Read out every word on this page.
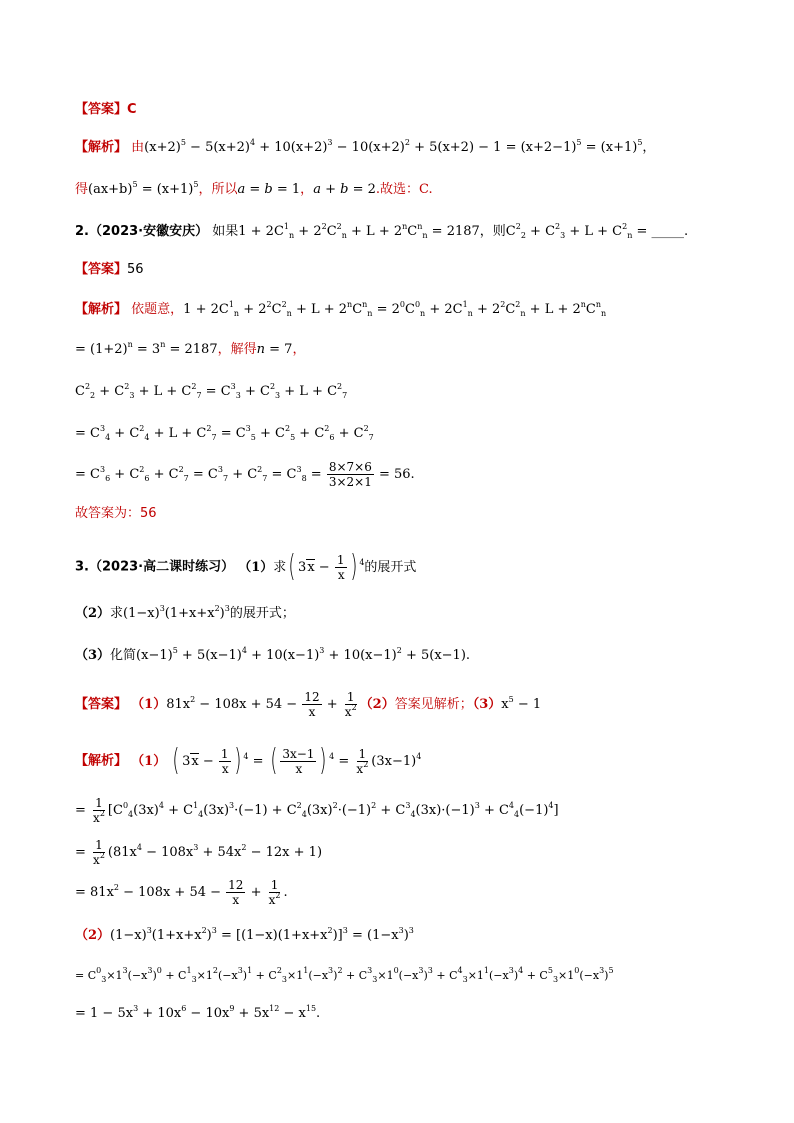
【答案】C
【解析】 由$(x+2)^5 - 5(x+2)^4 + 10(x+2)^3 - 10(x+2)^2 + 5(x+2) - 1 = (x+2-1)^5 = (x+1)^5$，
得$(ax+b)^5 = (x+1)^5$，所以a = b = 1，a + b = 2.故选：C.
2.（2023·安徽安庆） 如果$1 + 2C^1_n + 2^2C^2_n + L + 2^nC^n_n = 2187$，则$C^2_2 + C^2_3 + L + C^2_n$ = _____.
【答案】56
【解析】 依题意，$1 + 2C^1_n + 2^2C^2_n + L + 2^nC^n_n = 2^0C^0_n + 2C^1_n + 2^2C^2_n + L + 2^nC^n_n$
= $(1+2)^n = 3^n = 2187$，解得n = 7，
$C^2_2 + C^2_3 + L + C^2_7 = C^3_3 + C^2_3 + L + C^2_7$
= $C^3_4 + C^2_4 + L + C^2_7 = C^3_5 + C^2_5 + C^2_6 + C^2_7$
= $C^3_6 + C^2_6 + C^2_7 = C^3_7 + C^2_7 = C^3_8 = \frac{8\times 7\times 6}{3\times 2\times 1} = 56$.
故答案为：56
3.（2023·高二课时练习） （1）求( $3x - \frac{1}{x}$ ) $^4$的展开式
（2）求$(1-x)^3(1+x+x^2)^3$的展开式；
（3）化简$(x-1)^5 + 5(x-1)^4 + 10(x-1)^3 + 10(x-1)^2 + 5(x-1)$.
【答案】 $(1)81x^2 - 108x + 54 - \frac{12}{x} + \frac{1}{x^2} (2)$答案见解析；$(3)x^5 - 1$
【解析】 （1） ( $3x - \frac{1}{x}$ ) $^4$ = ( $\frac{3x-1}{x}$ ) $^4 = \frac{1}{x^2} (3x-1)^4$
= $\frac{1}{x^2} [C^0_4(3x)^4 + C^1_4(3x)^3\cdot(-1) + C^2_4(3x)^2\cdot(-1)^2 + C^3_4(3x)\cdot(-1)^3 + C^4_4(-1)^4]$
= $\frac{1}{x^2} (81x^4 - 108x^3 + 54x^2 - 12x + 1)$
= $81x^2 - 108x + 54 - \frac{12}{x} + \frac{1}{x^2}$ .
$(2)(1-x)^3(1+x+x^2)^3 = [(1-x)(1+x+x^2)]^3 = (1-x^3)^3$
= $C^0_3\times 1^3(-x^3)^0 + C^1_3\times 1^2(-x^3)^1 + C^2_3\times 1^1(-x^3)^2 + C^3_3\times 1^0(-x^3)^3 + C^4_3\times 1^1(-x^3)^4 + C^5_3\times 1^0(-x^3)^5$
= $1 - 5x^3 + 10x^6 - 10x^9 + 5x^{12} - x^{15}$.
